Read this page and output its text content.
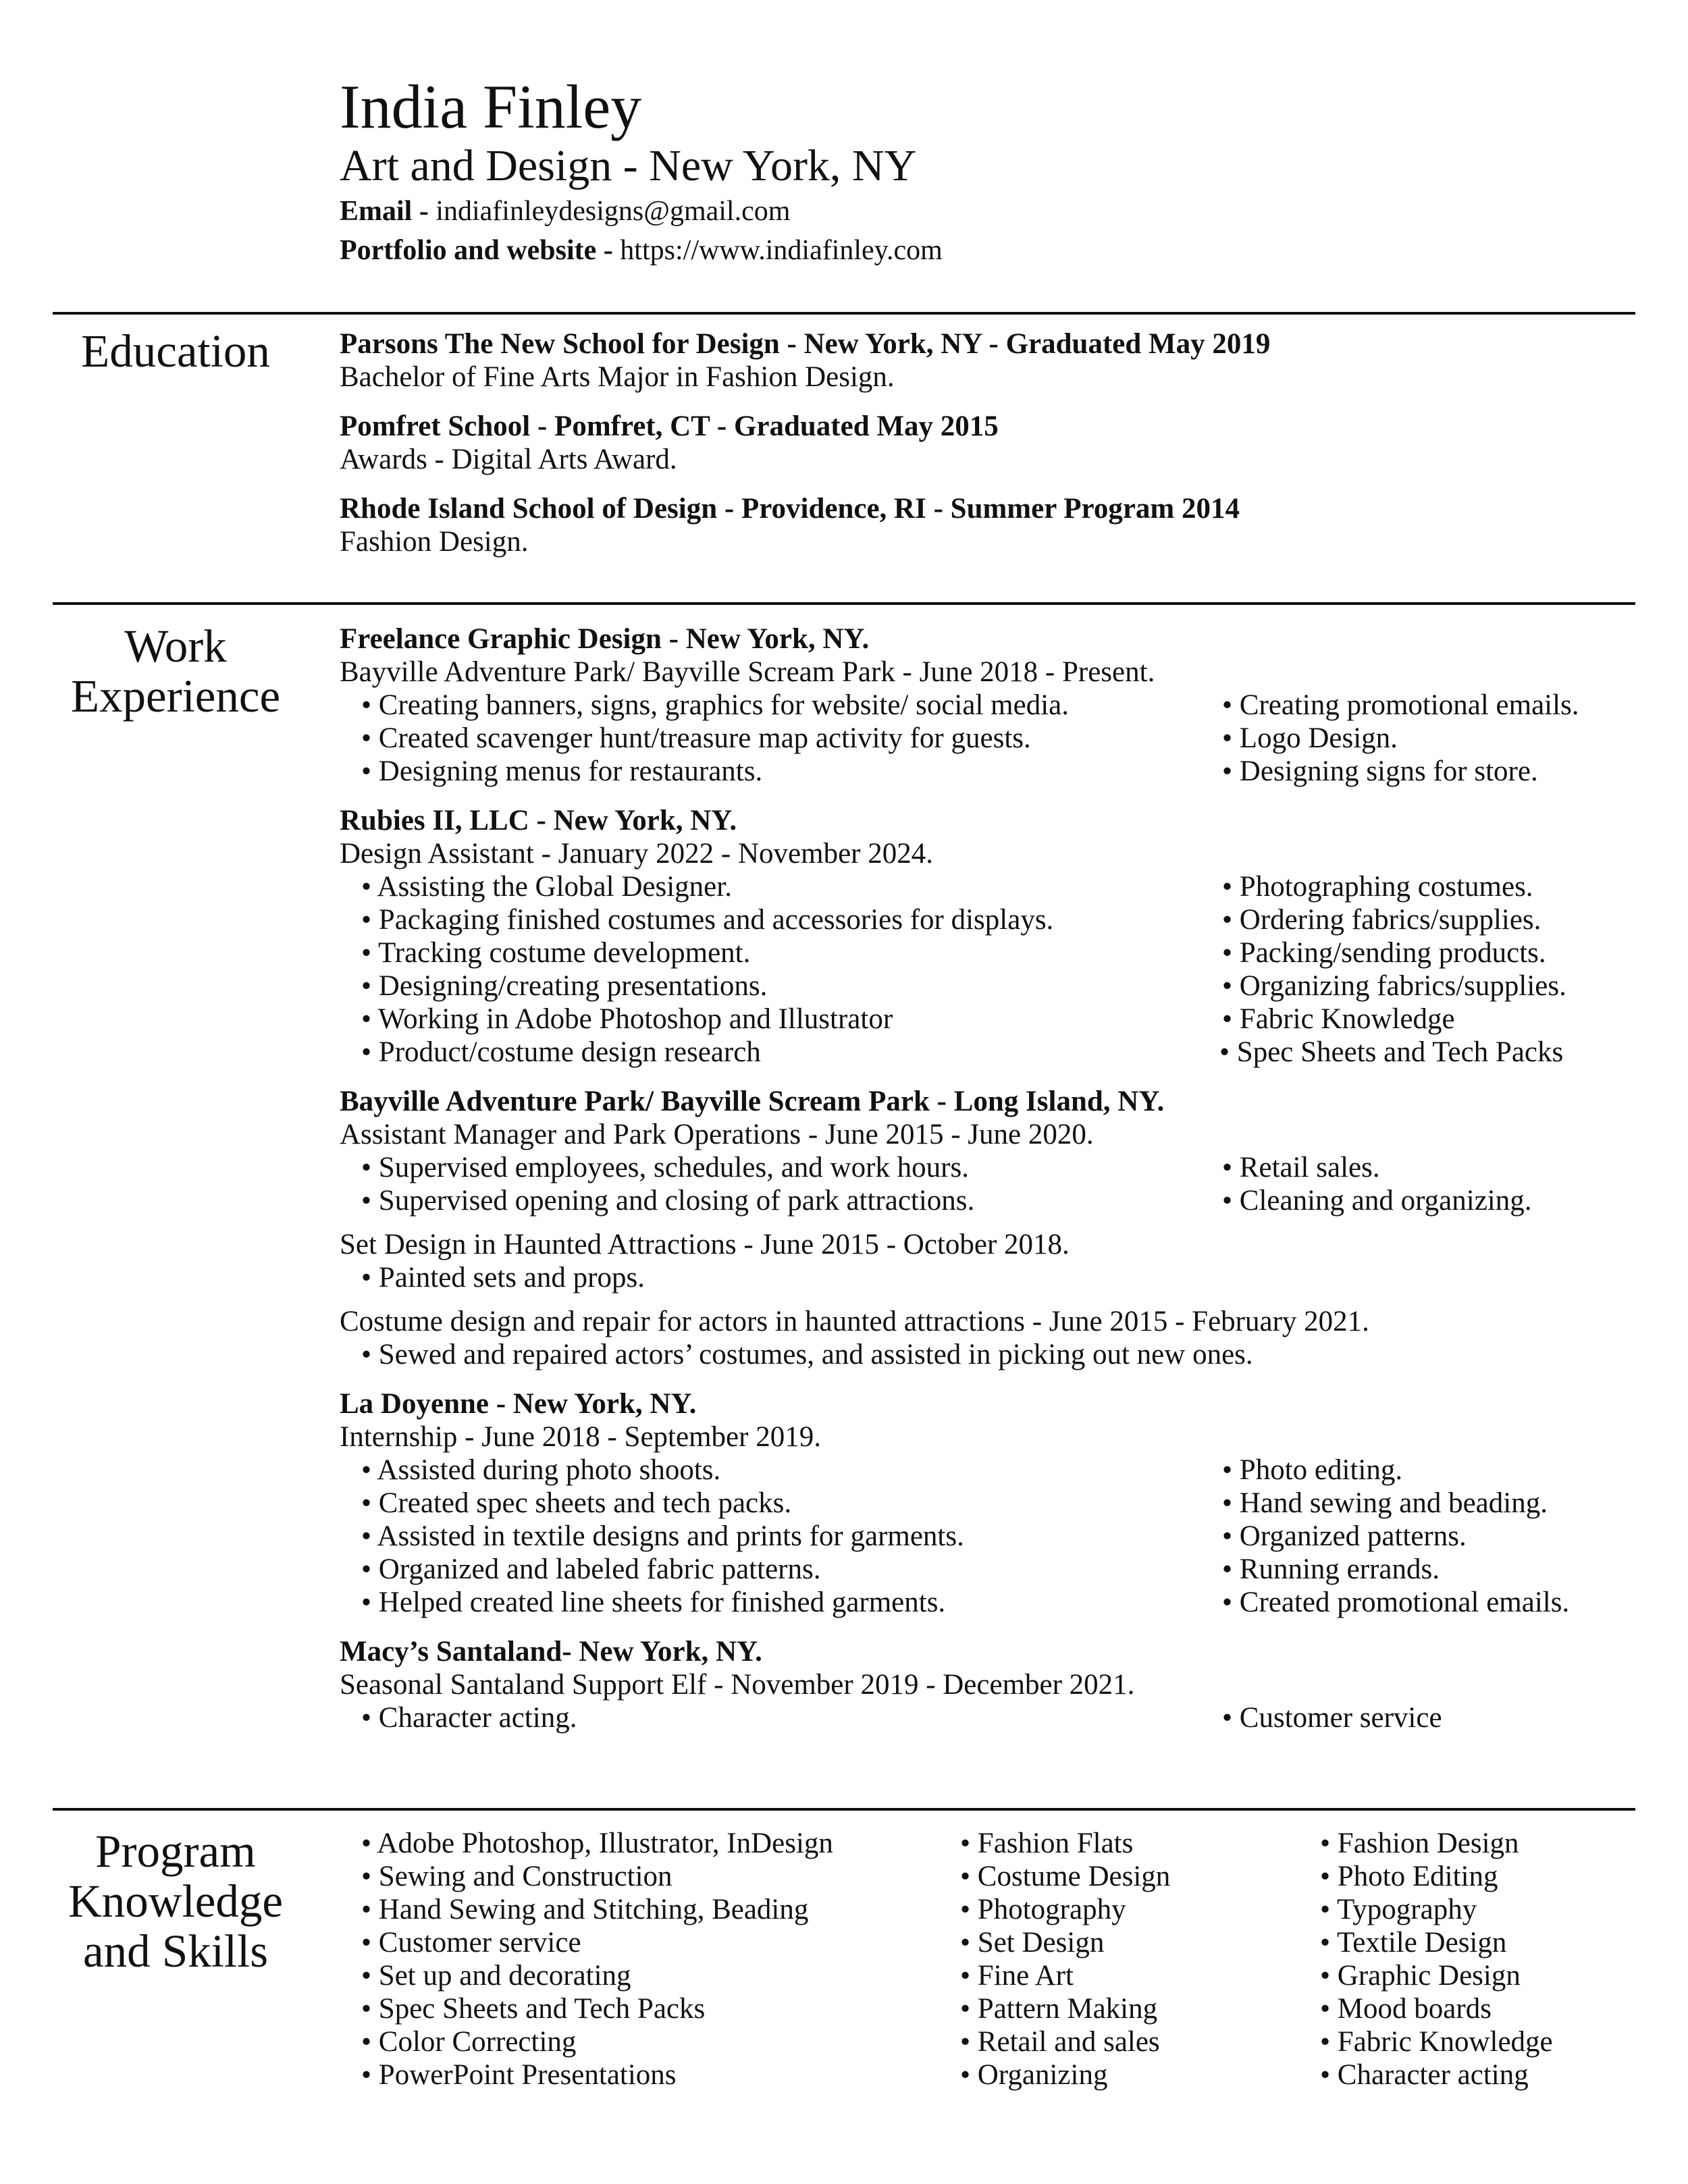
India Finley
Art and Design - New York, NY
Email - indiafinleydesigns@gmail.com
Portfolio and website - https://www.indiafinley.com
Education	Parsons The New School for Design - New York, NY - Graduated May 2019
Bachelor of Fine Arts Major in Fashion Design.
Pomfret School - Pomfret, CT - Graduated May 2015
Awards - Digital Arts Award.
Rhode Island School of Design - Providence, RI - Summer Program 2014
Fashion Design.
Work
Experience
Freelance Graphic Design - New York, NY.
Bayville Adventure Park/ Bayville Scream Park - June 2018 - Present.
• Creating banners, signs, graphics for website/ social media.	• Creating promotional emails.
• Created scavenger hunt/treasure map activity for guests.	• Logo Design.
• Designing menus for restaurants.	• Designing signs for store.
Rubies II, LLC - New York, NY.
Design Assistant - January 2022 - November 2024.
• Assisting the Global Designer.	• Photographing costumes.
• Packaging finished costumes and accessories for displays.	• Ordering fabrics/supplies.
• Tracking costume development.	• Packing/sending products.
• Designing/creating presentations.	• Organizing fabrics/supplies.
• Working in Adobe Photoshop and Illustrator	• Fabric Knowledge
• Product/costume design research	• Spec Sheets and Tech Packs
Bayville Adventure Park/ Bayville Scream Park - Long Island, NY.
Assistant Manager and Park Operations - June 2015 - June 2020.
• Supervised employees, schedules, and work hours.	• Retail sales.
• Supervised opening and closing of park attractions.	• Cleaning and organizing.
Set Design in Haunted Attractions - June 2015 - October 2018.
• Painted sets and props.
Costume design and repair for actors in haunted attractions - June 2015 - February 2021.
• Sewed and repaired actors’ costumes, and assisted in picking out new ones.
La Doyenne - New York, NY.
Internship - June 2018 - September 2019.
• Assisted during photo shoots.	• Photo editing.
• Created spec sheets and tech packs.	• Hand sewing and beading.
• Assisted in textile designs and prints for garments.	• Organized patterns.
• Organized and labeled fabric patterns.	• Running errands.
• Helped created line sheets for finished garments.	• Created promotional emails.
Macy’s Santaland- New York, NY.
Seasonal Santaland Support Elf - November 2019 - December 2021.
• Character acting.	• Customer service
Program
Knowledge
and Skills
• Adobe Photoshop, Illustrator, InDesign
• Sewing and Construction
• Hand Sewing and Stitching, Beading
• Customer service
• Set up and decorating
• Spec Sheets and Tech Packs
• Color Correcting
• PowerPoint Presentations
• Fashion Flats
• Costume Design
• Photography
• Set Design
• Fine Art
• Pattern Making
• Retail and sales
• Organizing
• Fashion Design
• Photo Editing
• Typography
• Textile Design
• Graphic Design
• Mood boards
• Fabric Knowledge
• Character acting
